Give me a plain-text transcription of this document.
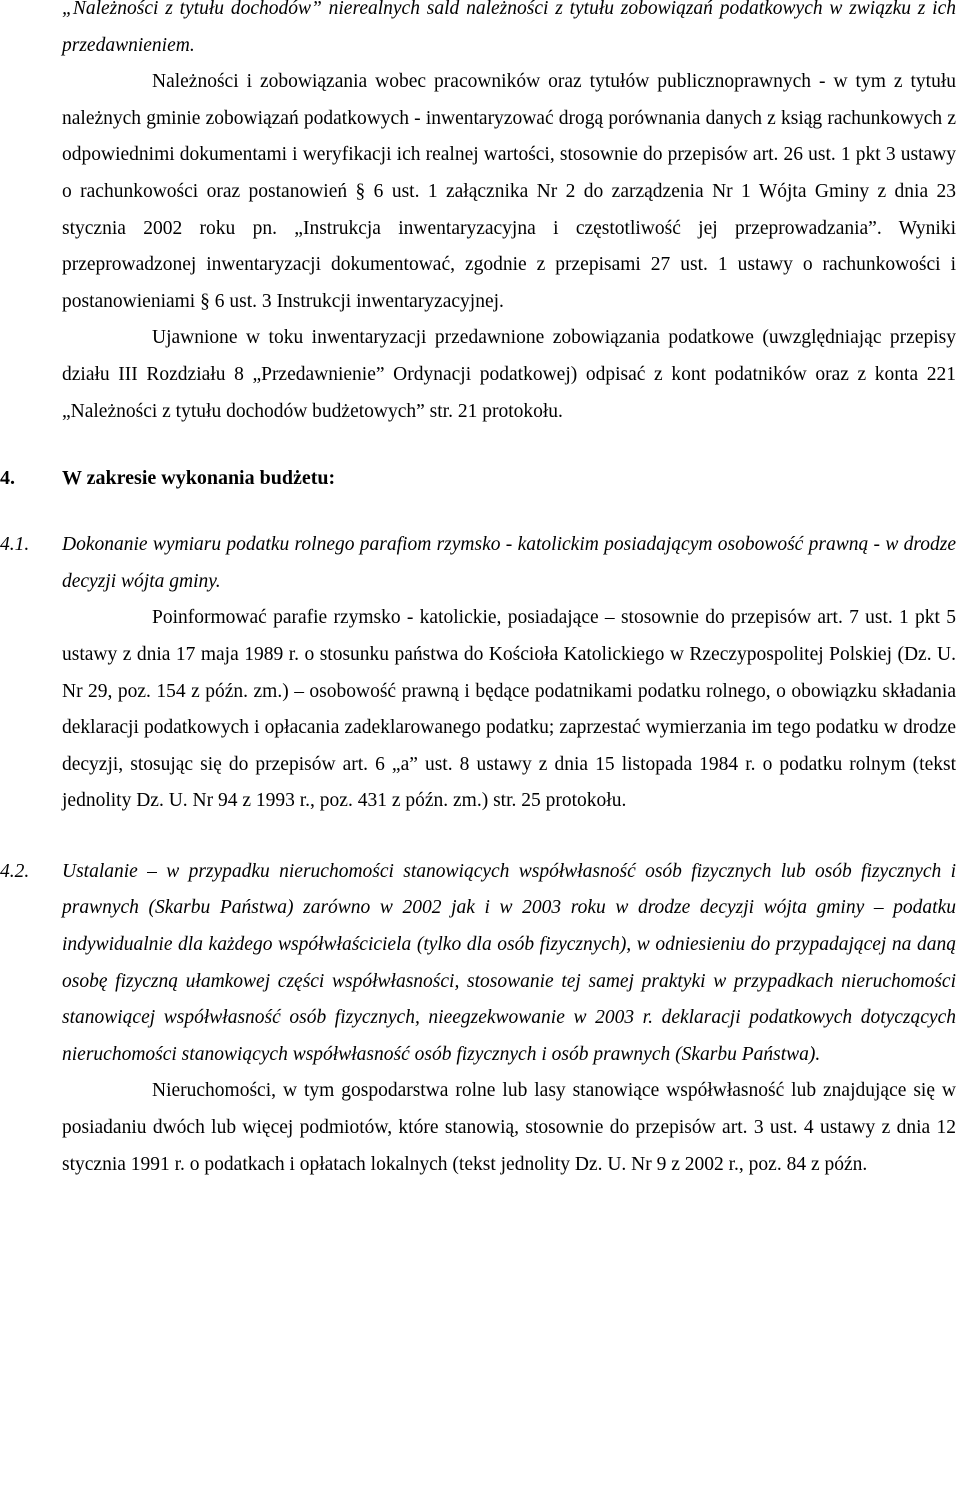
„Należności z tytułu dochodów” nierealnych sald należności z tytułu zobowiązań podatkowych w związku z ich przedawnieniem.

Należności i zobowiązania wobec pracowników oraz tytułów publicznoprawnych - w tym z tytułu należnych gminie zobowiązań podatkowych - inwentaryzować drogą porównania danych z ksiąg rachunkowych z odpowiednimi dokumentami i weryfikacji ich realnej wartości, stosownie do przepisów art. 26 ust. 1 pkt 3 ustawy o rachunkowości oraz postanowień § 6 ust. 1 załącznika Nr 2 do zarządzenia Nr 1 Wójta Gminy z dnia 23 stycznia 2002 roku pn. „Instrukcja inwentaryzacyjna i częstotliwość jej przeprowadzania”. Wyniki przeprowadzonej inwentaryzacji dokumentować, zgodnie z przepisami 27 ust. 1 ustawy o rachunkowości i postanowieniami § 6 ust. 3 Instrukcji inwentaryzacyjnej.

Ujawnione w toku inwentaryzacji przedawnione zobowiązania podatkowe (uwzględniając przepisy działu III Rozdziału 8 „Przedawnienie” Ordynacji podatkowej) odpisać z kont podatników oraz z konta 221 „Należności z tytułu dochodów budżetowych” str. 21 protokołu.

4. W zakresie wykonania budżetu:
4.1. Dokonanie wymiaru podatku rolnego parafiom rzymsko - katolickim posiadającym osobowość prawną - w drodze decyzji wójta gminy.

Poinformować parafie rzymsko - katolickie, posiadające – stosownie do przepisów art. 7 ust. 1 pkt 5 ustawy z dnia 17 maja 1989 r. o stosunku państwa do Kościoła Katolickiego w Rzeczypospolitej Polskiej (Dz. U. Nr 29, poz. 154 z późn. zm.) – osobowość prawną i będące podatnikami podatku rolnego, o obowiązku składania deklaracji podatkowych i opłacania zadeklarowanego podatku; zaprzestać wymierzania im tego podatku w drodze decyzji, stosując się do przepisów art. 6 „a” ust. 8 ustawy z dnia 15 listopada 1984 r. o podatku rolnym (tekst jednolity Dz. U. Nr 94 z 1993 r., poz. 431 z późn. zm.) str. 25 protokołu.

4.2. Ustalanie – w przypadku nieruchomości stanowiących współwłasność osób fizycznych lub osób fizycznych i prawnych (Skarbu Państwa) zarówno w 2002 jak i w 2003 roku w drodze decyzji wójta gminy – podatku indywidualnie dla każdego współwłaściciela (tylko dla osób fizycznych), w odniesieniu do przypadającej na daną osobę fizyczną ułamkowej części współwłasności, stosowanie tej samej praktyki w przypadkach nieruchomości stanowiącej współwłasność osób fizycznych, nieegzekwowanie w 2003 r. deklaracji podatkowych dotyczących nieruchomości stanowiących współwłasność osób fizycznych i osób prawnych (Skarbu Państwa).

Nieruchomości, w tym gospodarstwa rolne lub lasy stanowiące współwłasność lub znajdujące się w posiadaniu dwóch lub więcej podmiotów, które stanowią, stosownie do przepisów art. 3 ust. 4 ustawy z dnia 12 stycznia 1991 r. o podatkach i opłatach lokalnych (tekst jednolity Dz. U. Nr 9 z 2002 r., poz. 84 z późn.
